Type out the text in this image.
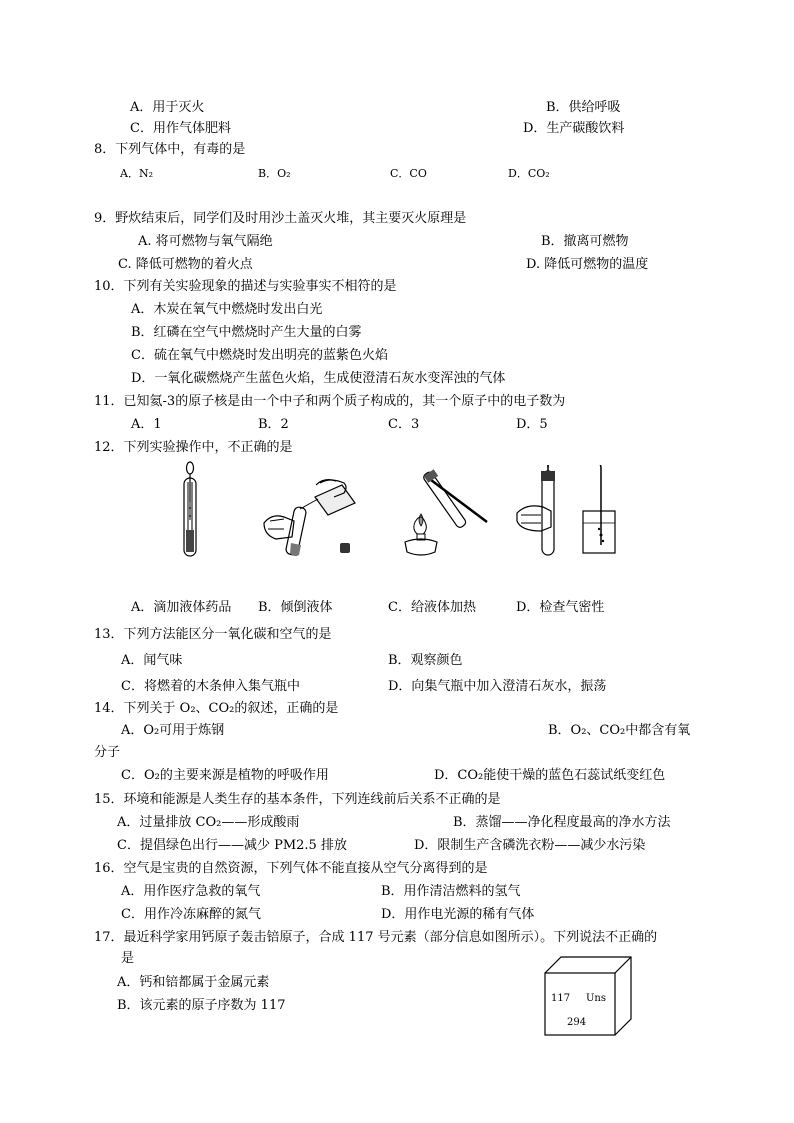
A．用于灭火	B．供给呼吸
C．用作气体肥料	D．生产碳酸饮料
8．下列气体中，有毒的是
A．N₂	B．O₂	C．CO	D．CO₂
9．野炊结束后，同学们及时用沙土盖灭火堆，其主要灭火原理是
A. 将可燃物与氧气隔绝	B．撤离可燃物
C. 降低可燃物的着火点	D. 降低可燃物的温度
10．下列有关实验现象的描述与实验事实不相符的是
A．木炭在氧气中燃烧时发出白光
B．红磷在空气中燃烧时产生大量的白雾
C．硫在氧气中燃烧时发出明亮的蓝紫色火焰
D．一氧化碳燃烧产生蓝色火焰，生成使澄清石灰水变浑浊的气体
11．已知氦-3的原子核是由一个中子和两个质子构成的，其一个原子中的电子数为
A．1	B．2	C．3	D．5
12．下列实验操作中，不正确的是
A．滴加液体药品 B．倾倒液体	C．给液体加热	D．检查气密性
13．下列方法能区分一氧化碳和空气的是
A．闻气味	B．观察颜色
C．将燃着的木条伸入集气瓶中	D．向集气瓶中加入澄清石灰水，振荡
14．下列关于 O₂、CO₂的叙述，正确的是
A．O₂可用于炼钢	B．O₂、CO₂中都含有氧
分子
C．O₂的主要来源是植物的呼吸作用	D．CO₂能使干燥的蓝色石蕊试纸变红色
15．环境和能源是人类生存的基本条件，下列连线前后关系不正确的是
A．过量排放 CO₂——形成酸雨	B．蒸馏——净化程度最高的净水方法
C．提倡绿色出行——减少 PM2.5 排放	D．限制生产含磷洗衣粉——减少水污染
16．空气是宝贵的自然资源，下列气体不能直接从空气分离得到的是
A．用作医疗急救的氧气	B．用作清洁燃料的氢气
C．用作冷冻麻醉的氮气	D．用作电光源的稀有气体
17．最近科学家用钙原子轰击锫原子，合成 117 号元素（部分信息如图所示）。下列说法不正确的
是
A．钙和锫都属于金属元素
B．该元素的原子序数为 117	117 Uns
294
